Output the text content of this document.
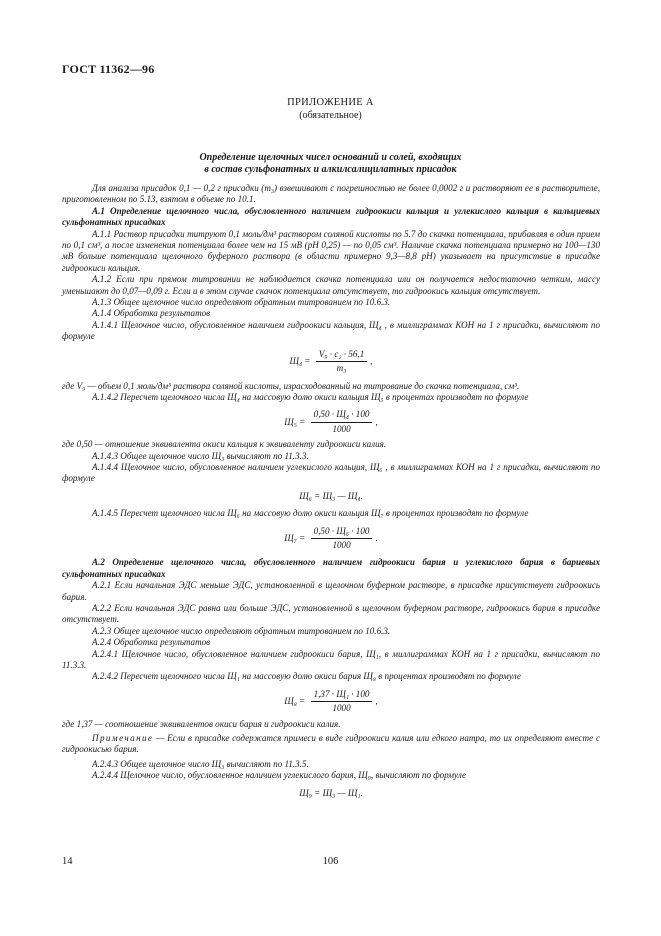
ГОСТ 11362—96
ПРИЛОЖЕНИЕ А
(обязательное)
Определение щелочных чисел оснований и солей, входящих
в состав сульфонатных и алкилсалицилатных присадок

Для анализа присадок 0,1 — 0,2 г присадки (m₃) взвешивают с погрешностью не более 0,0002 г и растворяют ее в растворителе, приготовленном по 5.13, взятом в объеме по 10.1.

А.1 Определение щелочного числа, обусловленного наличием гидроокиси кальция и углекислого кальция в кальциевых сульфонатных присадках

А.1.1 Раствор присадки титруют 0,1 моль/дм³ раствором соляной кислоты по 5.7 до скачка потенциала, прибавляя в один прием по 0,1 см³, а после изменения потенциала более чем на 15 мВ (рН 0,25) — по 0,05 см³. Наличие скачка потенциала примерно на 100—130 мВ больше потенциала щелочного буферного раствора (в области примерно 9,3—8,8 рН) указывает на присутствие в присадке гидроокиси кальция.

А.1.2 Если при прямом титровании не наблюдается скачка потенциала или он получается недостаточно четким, массу уменьшают до 0,07—0,09 г. Если и в этом случае скачок потенциала отсутствует, то гидроокись кальция отсутствует.

А.1.3 Общее щелочное число определяют обратным титрованием по 10.6.3.

А.1.4 Обработка результатов

А.1.4.1 Щелочное число, обусловленное наличием гидроокиси кальция, Щ₄ , в миллиграммах КОН на 1 г присадки, вычисляют по формуле

$Щ_4 = \frac{\text{V₉ · c₂ · 56,1}}{\text{m₃}}$ ,

где V₉ — объем 0,1 моль/дм³ раствора соляной кислоты, израсходованный на титрование до скачка потенциала, см³.

А.1.4.2 Пересчет щелочного числа Щ₄ на массовую долю окиси кальция Щ₅ в процентах производят по формуле

$Щ_5 = \frac{\text{0,50 · Щ₄ · 100}}{1000}$ ,

где 0,50 — отношение эквивалента окиси кальция к эквиваленту гидроокиси калия.

А.1.4.3 Общее щелочное число Щ₃ вычисляют по 11.3.3.

А.1.4.4 Щелочное число, обусловленное наличием углекислого кальция, Щ₆ , в миллиграммах КОН на 1 г присадки, вычисляют по формуле

Щ₆ = Щ₃ — Щ₄.

А.1.4.5 Пересчет щелочного числа Щ₆ на массовую долю окиси кальция Щ₇ в процентах производят по формуле

$Щ_7 = \frac{\text{0,50 · Щ₆ · 100}}{1000}$ .

А.2 Определение щелочного числа, обусловленного наличием гидроокиси бария и углекислого бария в бариевых сульфонатных присадках

А.2.1 Если начальная ЭДС меньше ЭДС, установленной в щелочном буферном растворе, в присадке присутствует гидроокись бария.

А.2.2 Если начальная ЭДС равна или больше ЭДС, установленной в щелочном буферном растворе, гидроокись бария в присадке отсутствует.

А.2.3 Общее щелочное число определяют обратным титрованием по 10.6.3.

А.2.4 Обработка результатов

А.2.4.1 Щелочное число, обусловленное наличием гидроокиси бария, Щ₁, в миллиграммах КОН на 1 г присадки, вычисляют по 11.3.3.

А.2.4.2 Пересчет щелочного числа Щ₁ на массовую долю окиси бария Щ₈ в процентах производят по формуле

$Щ_8 = \frac{\text{1,37 · Щ₁ · 100}}{1000}$ ,

где 1,37 — соотношение эквивалентов окиси бария и гидроокиси калия.

Примечание — Если в присадке содержатся примеси в виде гидроокиси калия или едкого натра, то их определяют вместе с гидроокисью бария.

А.2.4.3 Общее щелочное число Щ₃ вычисляют по 11.3.5.

А.2.4.4 Щелочное число, обусловленное наличием углекислого бария, Щ₉, вычисляют по формуле

Щ₉ = Щ₃ — Щ₁.
14	106
